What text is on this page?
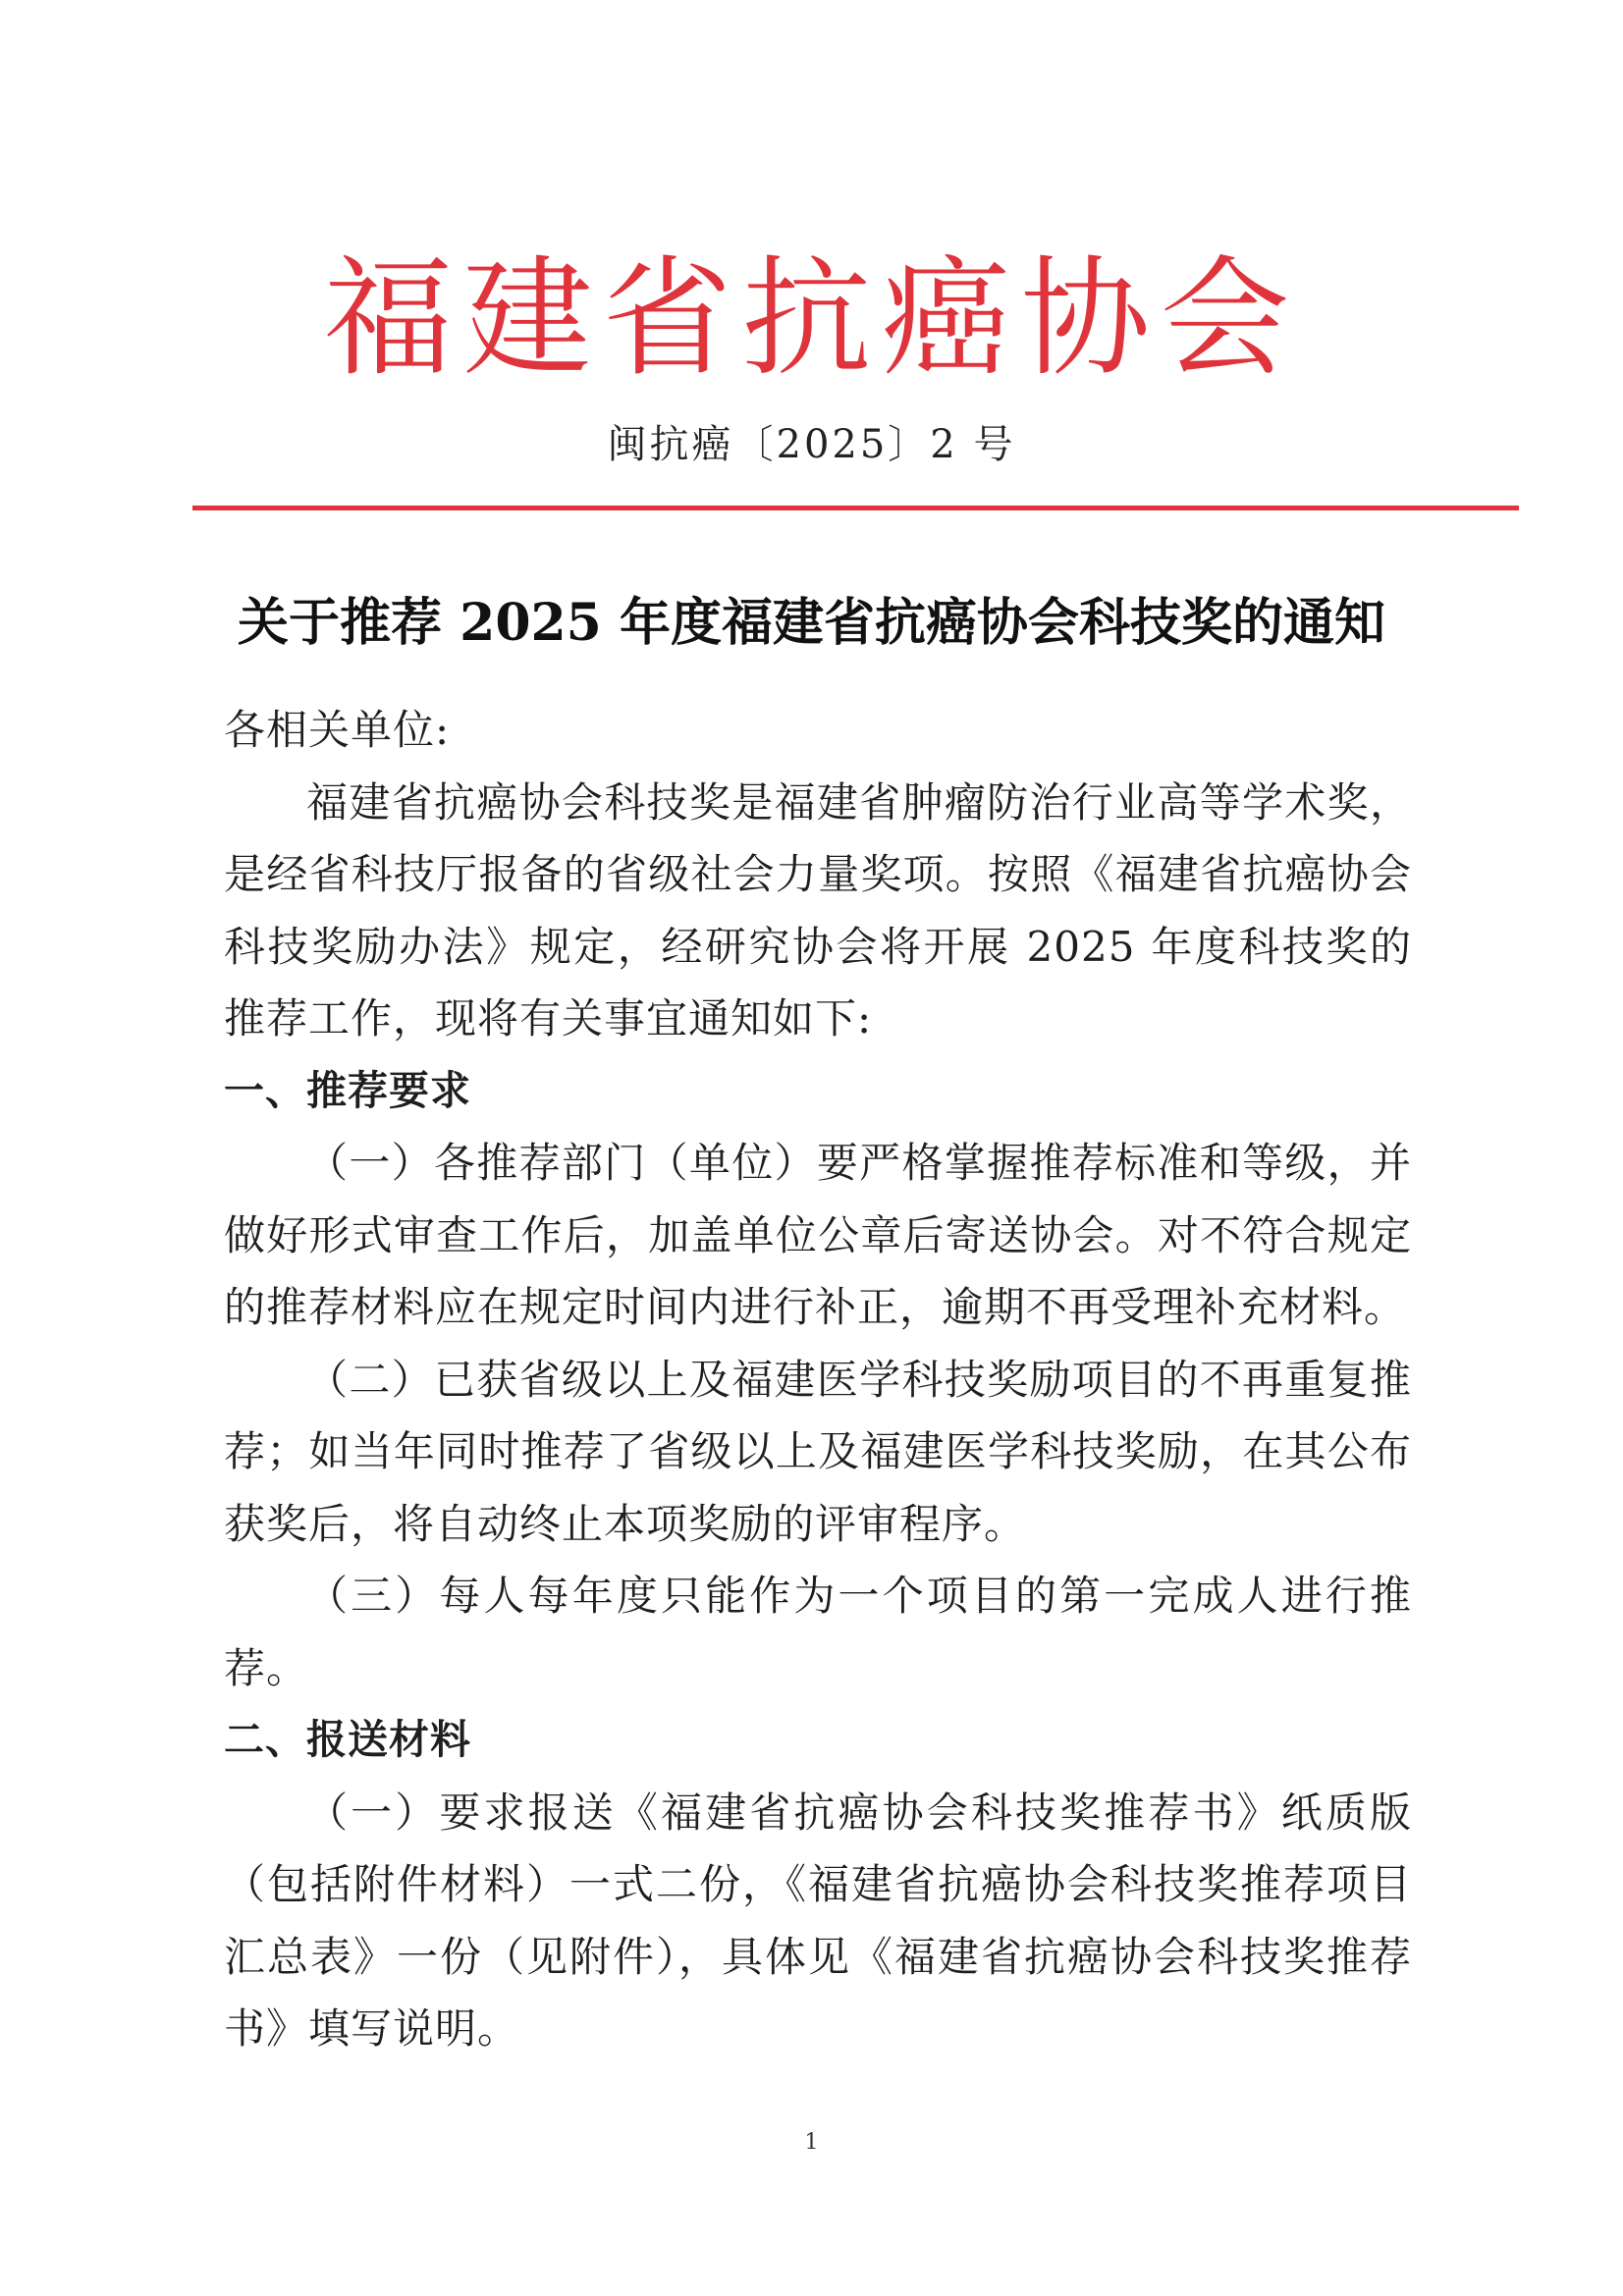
福建省抗癌协会
闽抗癌〔2025〕2 号
关于推荐 2025 年度福建省抗癌协会科技奖的通知

各相关单位:

福建省抗癌协会科技奖是福建省肿瘤防治行业高等学术奖，是经省科技厅报备的省级社会力量奖项。按照《福建省抗癌协会科技奖励办法》规定，经研究协会将开展 2025 年度科技奖的推荐工作，现将有关事宜通知如下:

一、推荐要求

（一）各推荐部门（单位）要严格掌握推荐标准和等级，并做好形式审查工作后，加盖单位公章后寄送协会。对不符合规定的推荐材料应在规定时间内进行补正，逾期不再受理补充材料。

（二）已获省级以上及福建医学科技奖励项目的不再重复推荐；如当年同时推荐了省级以上及福建医学科技奖励，在其公布获奖后，将自动终止本项奖励的评审程序。

（三）每人每年度只能作为一个项目的第一完成人进行推荐。

二、报送材料

（一）要求报送《福建省抗癌协会科技奖推荐书》纸质版（包括附件材料）一式二份，《福建省抗癌协会科技奖推荐项目汇总表》一份（见附件），具体见《福建省抗癌协会科技奖推荐书》填写说明。

1
